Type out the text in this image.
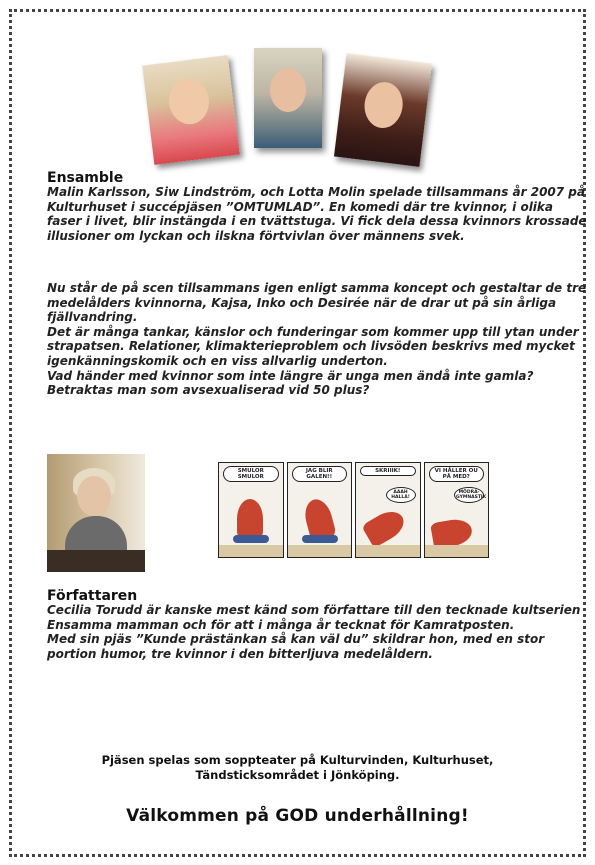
Ensamble
Malin Karlsson, Siw Lindström, och Lotta Molin spelade tillsammans år 2007 på
Kulturhuset i succépjäsen ”OMTUMLAD”. En komedi där tre kvinnor, i olika
faser i livet, blir instängda i en tvättstuga. Vi fick dela dessa kvinnors krossade
illusioner om lyckan och ilskna förtvivlan över männens svek.
Nu står de på scen tillsammans igen enligt samma koncept och gestaltar de tre
medelålders kvinnorna, Kajsa, Inko och Desirée när de drar ut på sin årliga
fjällvandring.
Det är många tankar, känslor och funderingar som kommer upp till ytan under
strapatsen. Relationer, klimakterieproblem och livsöden beskrivs med mycket
igenkänningskomik och en viss allvarlig underton.
Vad händer med kvinnor som inte längre är unga men ändå inte gamla?
Betraktas man som avsexualiserad vid 50 plus?
SMULOR SMULOR
JAG BLIR GALEN!!
SKRIIIK!
AAAH HALLÅ!
VI HÅLLER OU PÅ MED?
MÖDRA-GYMNASTIK
Författaren
Cecilia Torudd är kanske mest känd som författare till den tecknade kultserien
Ensamma mamman och för att i många år tecknat för Kamratposten.
Med sin pjäs ”Kunde prästänkan så kan väl du” skildrar hon, med en stor
portion humor, tre kvinnor i den bitterljuva medelåldern.
Pjäsen spelas som soppteater på Kulturvinden, Kulturhuset,
Tändsticksområdet i Jönköping.
Välkommen på GOD underhållning!
